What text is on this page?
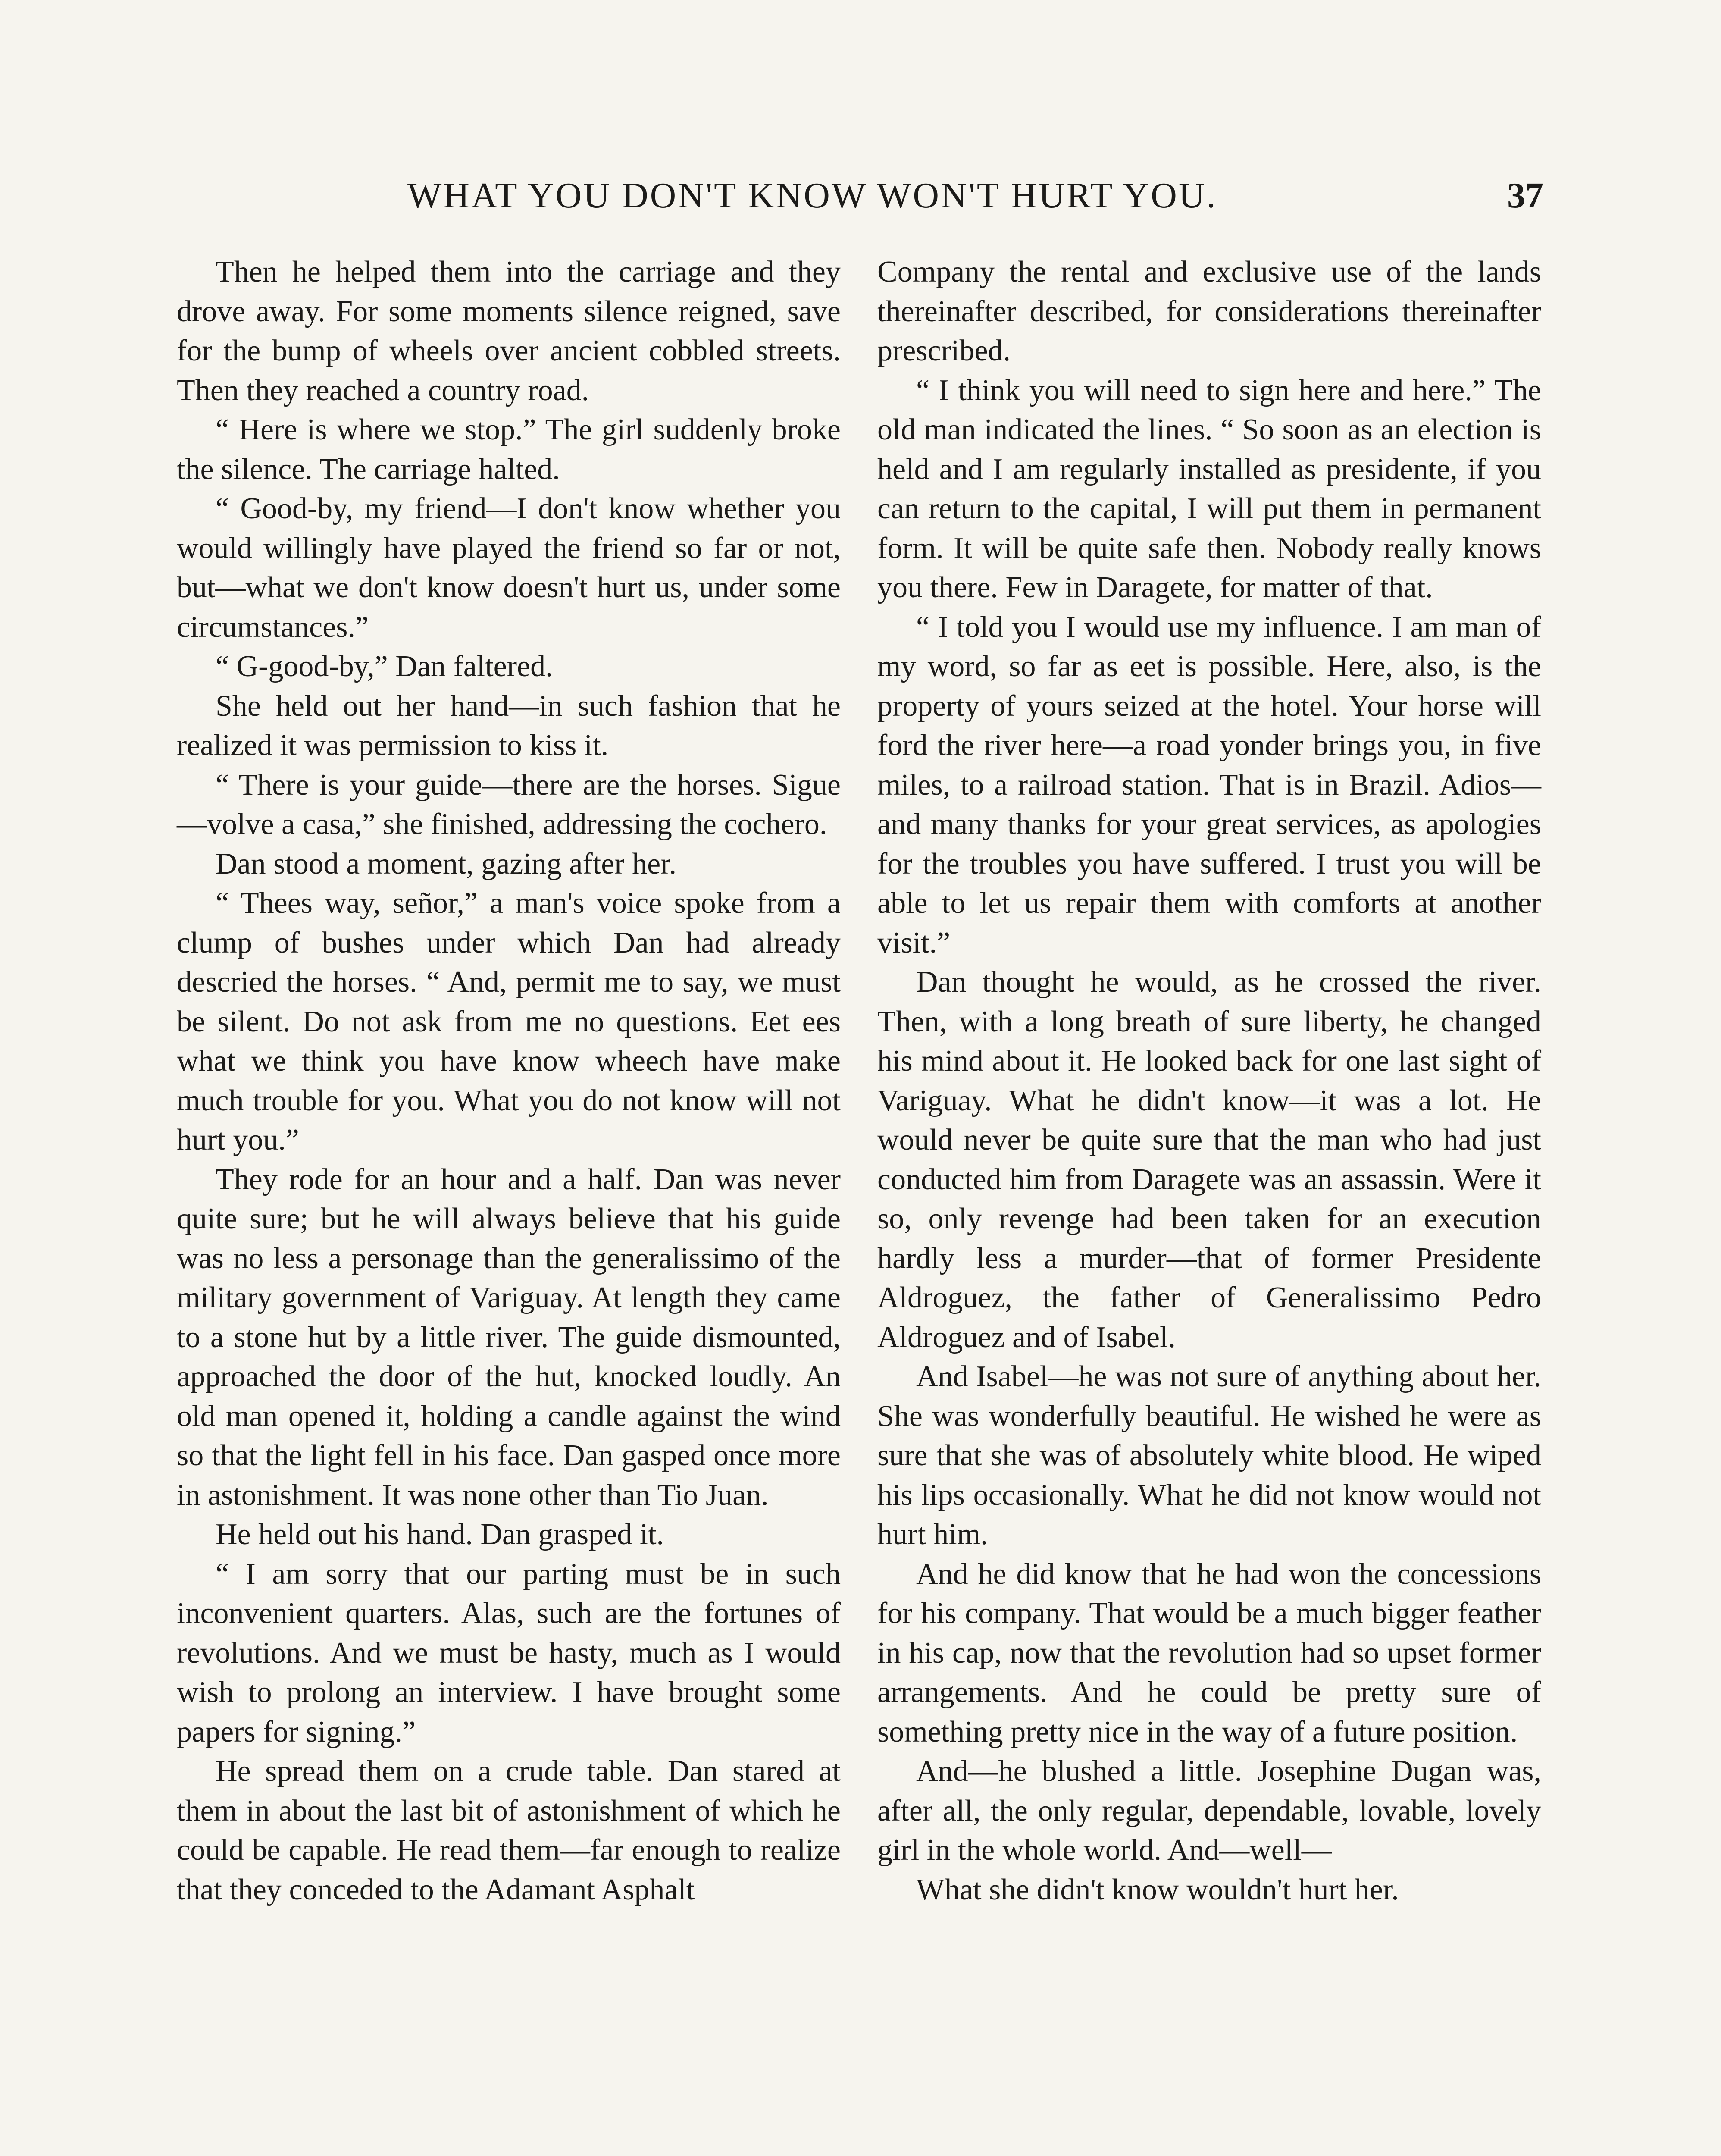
WHAT YOU DON'T KNOW WON'T HURT YOU.	37

Then he helped them into the carriage and they drove away. For some moments silence reigned, save for the bump of wheels over ancient cobbled streets. Then they reached a country road.

“ Here is where we stop.” The girl suddenly broke the silence. The carriage halted.

“ Good-by, my friend—I don't know whether you would willingly have played the friend so far or not, but—what we don't know doesn't hurt us, under some circumstances.”

“ G-good-by,” Dan faltered.

She held out her hand—in such fashion that he realized it was permission to kiss it.

“ There is your guide—there are the horses. Sigue—volve a casa,” she finished, addressing the cochero.

Dan stood a moment, gazing after her.

“ Thees way, señor,” a man's voice spoke from a clump of bushes under which Dan had already descried the horses. “ And, permit me to say, we must be silent. Do not ask from me no questions. Eet ees what we think you have know wheech have make much trouble for you. What you do not know will not hurt you.”

They rode for an hour and a half. Dan was never quite sure; but he will always believe that his guide was no less a personage than the generalissimo of the military government of Variguay. At length they came to a stone hut by a little river. The guide dismounted, approached the door of the hut, knocked loudly. An old man opened it, holding a candle against the wind so that the light fell in his face. Dan gasped once more in astonishment. It was none other than Tio Juan.

He held out his hand. Dan grasped it.

“ I am sorry that our parting must be in such inconvenient quarters. Alas, such are the fortunes of revolutions. And we must be hasty, much as I would wish to prolong an interview. I have brought some papers for signing.”

He spread them on a crude table. Dan stared at them in about the last bit of astonishment of which he could be capable. He read them—far enough to realize that they conceded to the Adamant Asphalt

Company the rental and exclusive use of the lands thereinafter described, for considerations thereinafter prescribed.

“ I think you will need to sign here and here.” The old man indicated the lines. “ So soon as an election is held and I am regularly installed as presidente, if you can return to the capital, I will put them in permanent form. It will be quite safe then. Nobody really knows you there. Few in Daragete, for matter of that.

“ I told you I would use my influence. I am man of my word, so far as eet is possible. Here, also, is the property of yours seized at the hotel. Your horse will ford the river here—a road yonder brings you, in five miles, to a railroad station. That is in Brazil. Adios—and many thanks for your great services, as apologies for the troubles you have suffered. I trust you will be able to let us repair them with comforts at another visit.”

Dan thought he would, as he crossed the river. Then, with a long breath of sure liberty, he changed his mind about it. He looked back for one last sight of Variguay. What he didn't know—it was a lot. He would never be quite sure that the man who had just conducted him from Daragete was an assassin. Were it so, only revenge had been taken for an execution hardly less a murder—that of former Presidente Aldroguez, the father of Generalissimo Pedro Aldroguez and of Isabel.

And Isabel—he was not sure of anything about her. She was wonderfully beautiful. He wished he were as sure that she was of absolutely white blood. He wiped his lips occasionally. What he did not know would not hurt him.

And he did know that he had won the concessions for his company. That would be a much bigger feather in his cap, now that the revolution had so upset former arrangements. And he could be pretty sure of something pretty nice in the way of a future position.

And—he blushed a little. Josephine Dugan was, after all, the only regular, dependable, lovable, lovely girl in the whole world. And—well—

What she didn't know wouldn't hurt her.
